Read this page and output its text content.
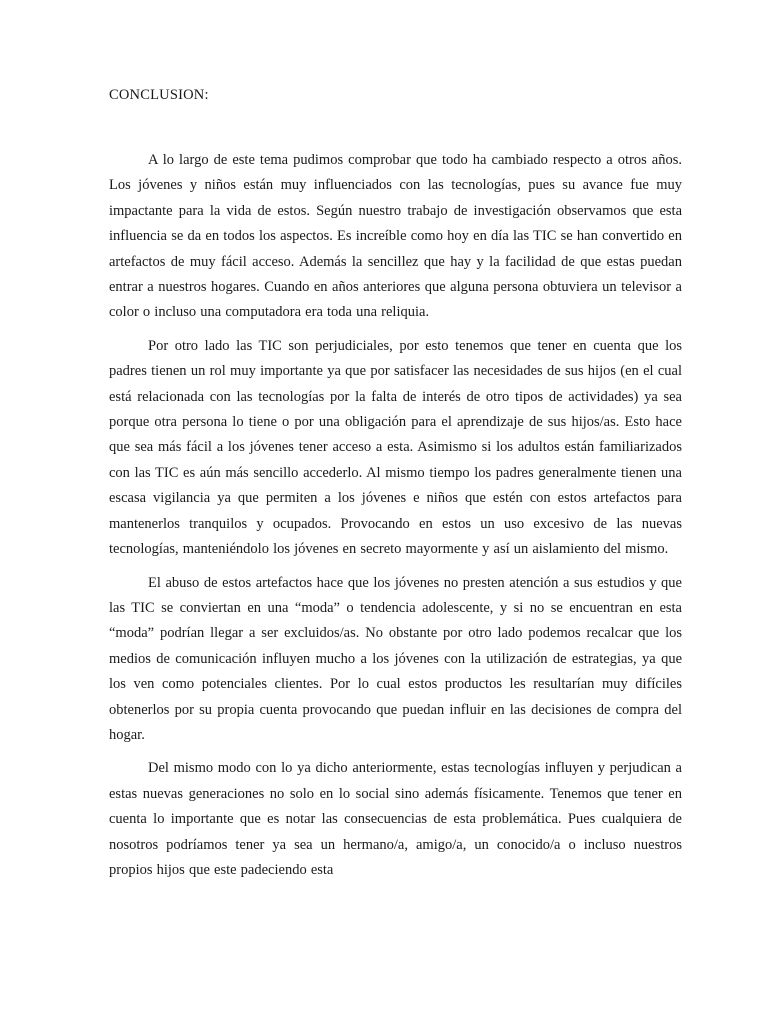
CONCLUSION:

A lo largo de este tema pudimos comprobar que todo ha cambiado respecto a otros años. Los jóvenes y niños están muy influenciados con las tecnologías, pues su avance fue muy impactante para la vida de estos. Según nuestro trabajo de investigación observamos que esta influencia se da en todos los aspectos. Es increíble como hoy en día las TIC se han convertido en artefactos de muy fácil acceso. Además la sencillez que hay y la facilidad de que estas puedan entrar a nuestros hogares. Cuando en años anteriores que alguna persona obtuviera un televisor a color o incluso una computadora era toda una reliquia.

Por otro lado las TIC son perjudiciales, por esto tenemos que tener en cuenta que los padres tienen un rol muy importante ya que por satisfacer las necesidades de sus hijos (en el cual está relacionada con las tecnologías por la falta de interés de otro tipos de actividades) ya sea porque otra persona lo tiene o por una obligación para el aprendizaje de sus hijos/as. Esto hace que sea más fácil a los jóvenes tener acceso a esta. Asimismo si los adultos están familiarizados con las TIC es aún más sencillo accederlo. Al mismo tiempo los padres generalmente tienen una escasa vigilancia ya que permiten a los jóvenes e niños que estén con estos artefactos para mantenerlos tranquilos y ocupados. Provocando en estos un uso excesivo de las nuevas tecnologías, manteniéndolo los jóvenes en secreto mayormente y así un aislamiento del mismo.

El abuso de estos artefactos hace que los jóvenes no presten atención a sus estudios y que las TIC se conviertan en una “moda” o tendencia adolescente, y si no se encuentran en esta “moda” podrían llegar a ser excluidos/as. No obstante por otro lado podemos recalcar que los medios de comunicación influyen mucho a los jóvenes con la utilización de estrategias, ya que los ven como potenciales clientes. Por lo cual estos productos les resultarían muy difíciles obtenerlos por su propia cuenta provocando que puedan influir en las decisiones de compra del hogar.

Del mismo modo con lo ya dicho anteriormente, estas tecnologías influyen y perjudican a estas nuevas generaciones no solo en lo social sino además físicamente. Tenemos que tener en cuenta lo importante que es notar las consecuencias de esta problemática. Pues cualquiera de nosotros podríamos tener ya sea un hermano/a, amigo/a, un conocido/a o incluso nuestros propios hijos que este padeciendo esta
